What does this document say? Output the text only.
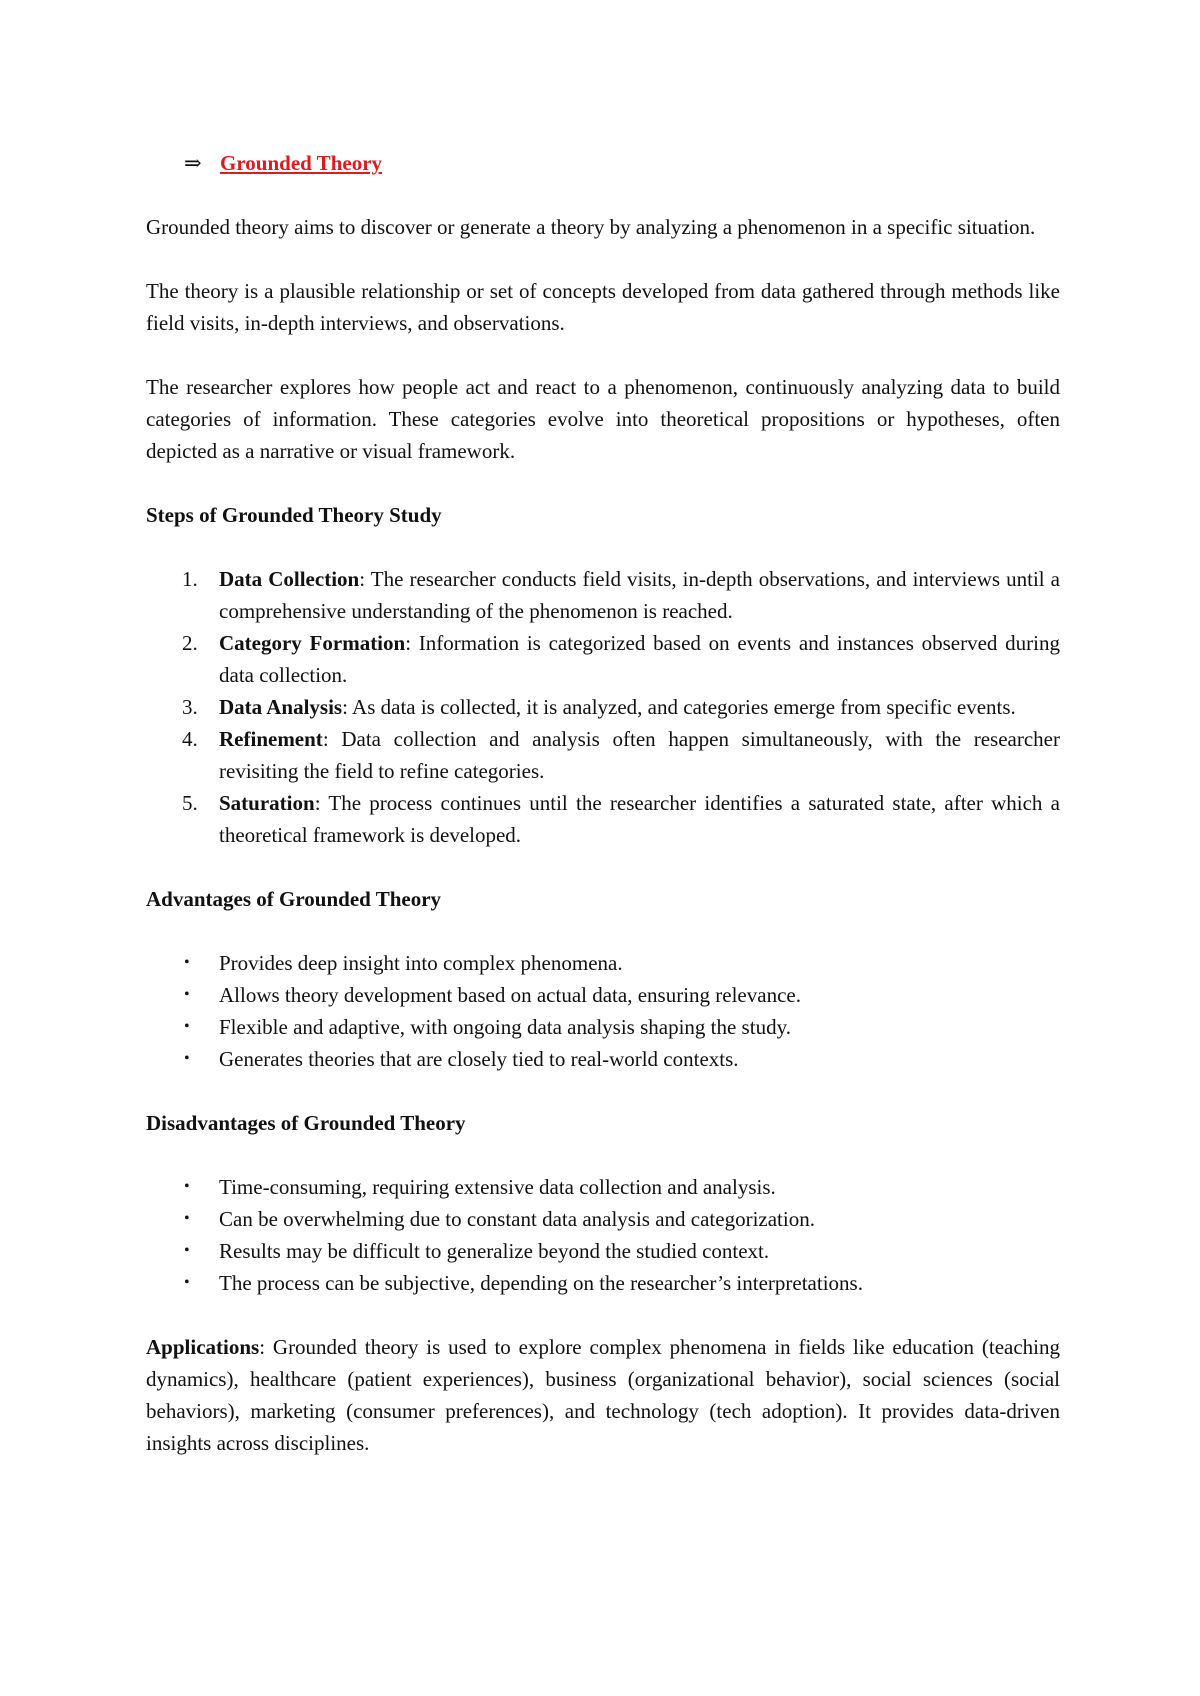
⇒ Grounded Theory

Grounded theory aims to discover or generate a theory by analyzing a phenomenon in a specific situation.

The theory is a plausible relationship or set of concepts developed from data gathered through methods like field visits, in-depth interviews, and observations.

The researcher explores how people act and react to a phenomenon, continuously analyzing data to build categories of information. These categories evolve into theoretical propositions or hypotheses, often depicted as a narrative or visual framework.

Steps of Grounded Theory Study
1. Data Collection: The researcher conducts field visits, in-depth observations, and interviews until a comprehensive understanding of the phenomenon is reached.
2. Category Formation: Information is categorized based on events and instances observed during data collection.
3. Data Analysis: As data is collected, it is analyzed, and categories emerge from specific events.
4. Refinement: Data collection and analysis often happen simultaneously, with the researcher revisiting the field to refine categories.
5. Saturation: The process continues until the researcher identifies a saturated state, after which a theoretical framework is developed.
Advantages of Grounded Theory
• Provides deep insight into complex phenomena.
• Allows theory development based on actual data, ensuring relevance.
• Flexible and adaptive, with ongoing data analysis shaping the study.
• Generates theories that are closely tied to real-world contexts.
Disadvantages of Grounded Theory
• Time-consuming, requiring extensive data collection and analysis.
• Can be overwhelming due to constant data analysis and categorization.
• Results may be difficult to generalize beyond the studied context.
• The process can be subjective, depending on the researcher’s interpretations.

Applications: Grounded theory is used to explore complex phenomena in fields like education (teaching dynamics), healthcare (patient experiences), business (organizational behavior), social sciences (social behaviors), marketing (consumer preferences), and technology (tech adoption). It provides data-driven insights across disciplines.
